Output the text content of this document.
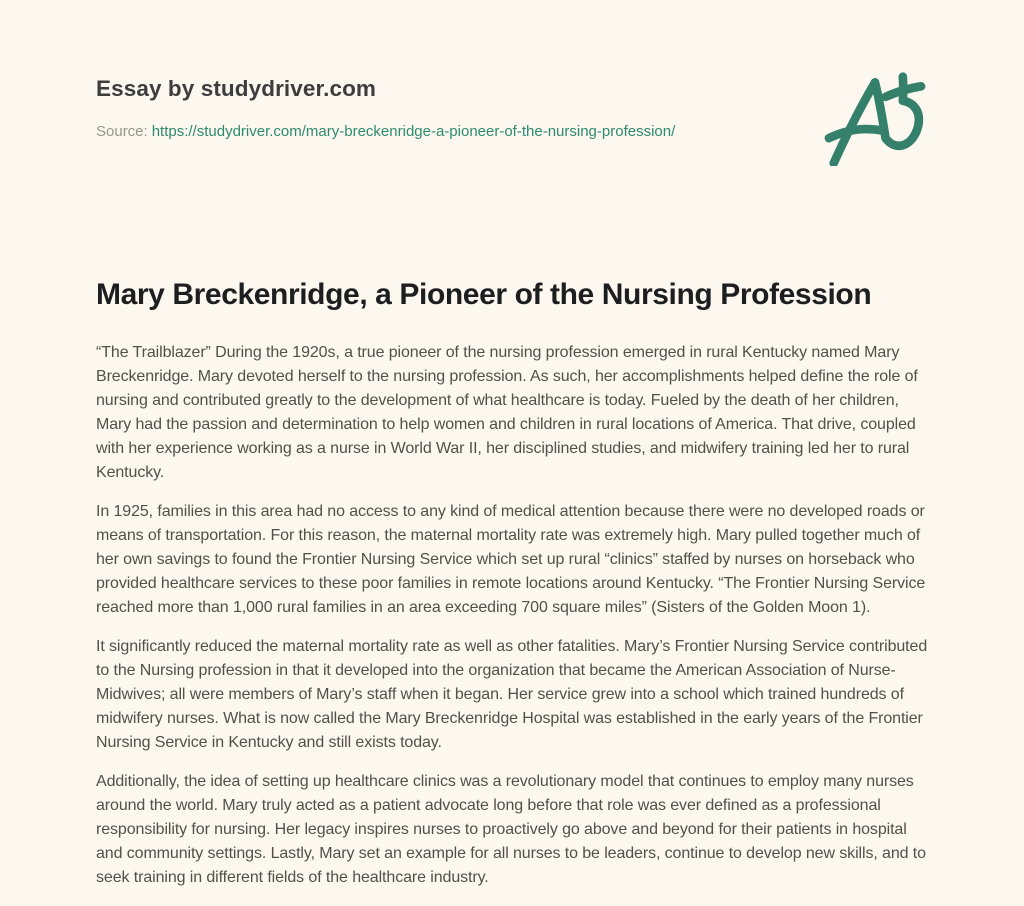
Essay by studydriver.com
Source: https://studydriver.com/mary-breckenridge-a-pioneer-of-the-nursing-profession/
Mary Breckenridge, a Pioneer of the Nursing Profession

“The Trailblazer” During the 1920s, a true pioneer of the nursing profession emerged in rural Kentucky named Mary Breckenridge. Mary devoted herself to the nursing profession. As such, her accomplishments helped define the role of nursing and contributed greatly to the development of what healthcare is today. Fueled by the death of her children, Mary had the passion and determination to help women and children in rural locations of America. That drive, coupled with her experience working as a nurse in World War II, her disciplined studies, and midwifery training led her to rural Kentucky.

In 1925, families in this area had no access to any kind of medical attention because there were no developed roads or means of transportation. For this reason, the maternal mortality rate was extremely high. Mary pulled together much of her own savings to found the Frontier Nursing Service which set up rural “clinics” staffed by nurses on horseback who provided healthcare services to these poor families in remote locations around Kentucky. “The Frontier Nursing Service reached more than 1,000 rural families in an area exceeding 700 square miles” (Sisters of the Golden Moon 1).

It significantly reduced the maternal mortality rate as well as other fatalities. Mary’s Frontier Nursing Service contributed to the Nursing profession in that it developed into the organization that became the American Association of Nurse-Midwives; all were members of Mary’s staff when it began. Her service grew into a school which trained hundreds of midwifery nurses. What is now called the Mary Breckenridge Hospital was established in the early years of the Frontier Nursing Service in Kentucky and still exists today.

Additionally, the idea of setting up healthcare clinics was a revolutionary model that continues to employ many nurses around the world. Mary truly acted as a patient advocate long before that role was ever defined as a professional responsibility for nursing. Her legacy inspires nurses to proactively go above and beyond for their patients in hospital and community settings. Lastly, Mary set an example for all nurses to be leaders, continue to develop new skills, and to seek training in different fields of the healthcare industry.
